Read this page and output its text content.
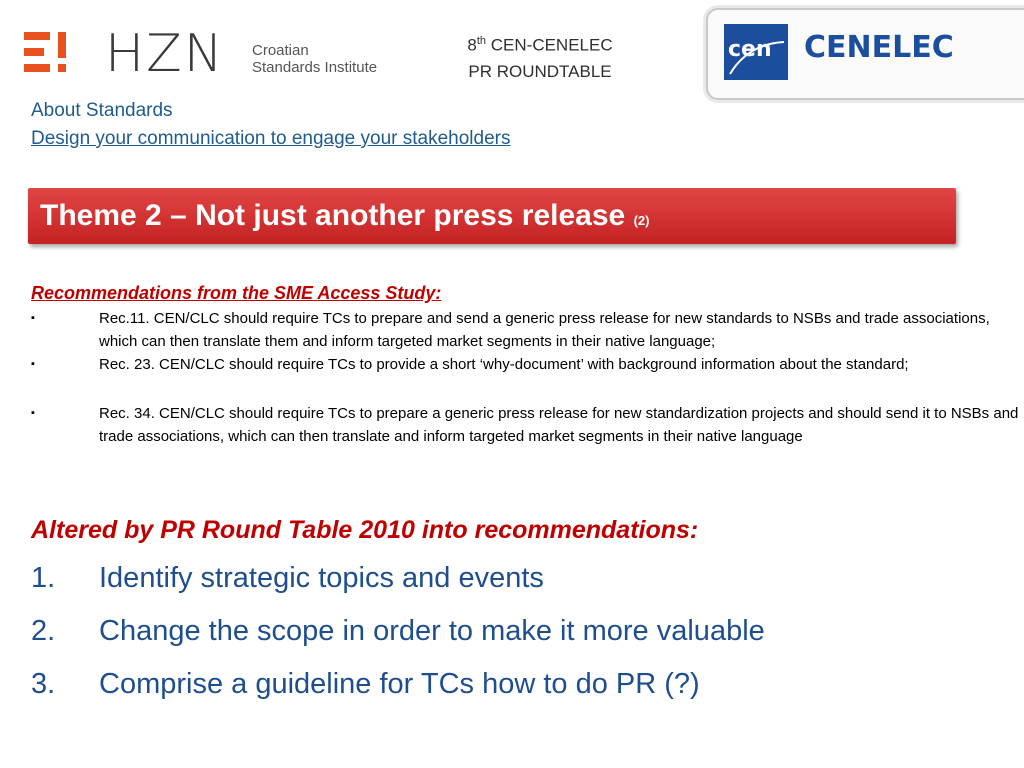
HZN Croatian
Standards Institute
8th CEN-CENELEC
PR ROUNDTABLE
cen CENELEC
About Standards
Design your communication to engage your stakeholders
Theme 2 – Not just another press release (2)
Recommendations from the SME Access Study:
▪	Rec.11. CEN/CLC should require TCs to prepare and send a generic press release for new standards to NSBs and trade associations, which can then translate them and inform targeted market segments in their native language;
▪	Rec. 23. CEN/CLC should require TCs to provide a short ‘why-document’ with background information about the standard;
▪	Rec. 34. CEN/CLC should require TCs to prepare a generic press release for new standardization projects and should send it to NSBs and trade associations, which can then translate and inform targeted market segments in their native language
Altered by PR Round Table 2010 into recommendations:
1. Identify strategic topics and events
2. Change the scope in order to make it more valuable
3. Comprise a guideline for TCs how to do PR (?)
